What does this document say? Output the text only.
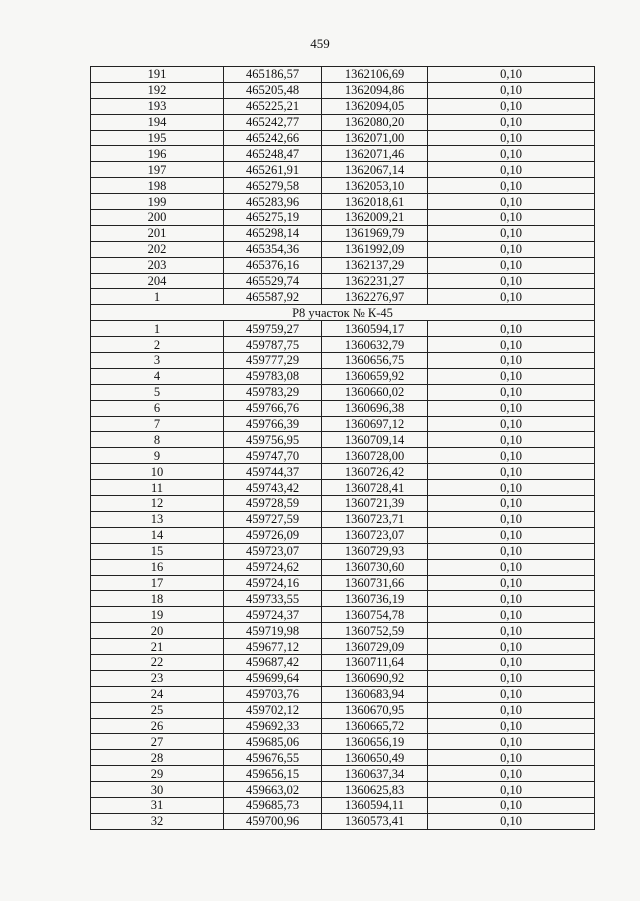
459
191	465186,57	1362106,69	0,10
192	465205,48	1362094,86	0,10
193	465225,21	1362094,05	0,10
194	465242,77	1362080,20	0,10
195	465242,66	1362071,00	0,10
196	465248,47	1362071,46	0,10
197	465261,91	1362067,14	0,10
198	465279,58	1362053,10	0,10
199	465283,96	1362018,61	0,10
200	465275,19	1362009,21	0,10
201	465298,14	1361969,79	0,10
202	465354,36	1361992,09	0,10
203	465376,16	1362137,29	0,10
204	465529,74	1362231,27	0,10
1	465587,92	1362276,97	0,10
Р8 участок № К-45			
1	459759,27	1360594,17	0,10
2	459787,75	1360632,79	0,10
3	459777,29	1360656,75	0,10
4	459783,08	1360659,92	0,10
5	459783,29	1360660,02	0,10
6	459766,76	1360696,38	0,10
7	459766,39	1360697,12	0,10
8	459756,95	1360709,14	0,10
9	459747,70	1360728,00	0,10
10	459744,37	1360726,42	0,10
11	459743,42	1360728,41	0,10
12	459728,59	1360721,39	0,10
13	459727,59	1360723,71	0,10
14	459726,09	1360723,07	0,10
15	459723,07	1360729,93	0,10
16	459724,62	1360730,60	0,10
17	459724,16	1360731,66	0,10
18	459733,55	1360736,19	0,10
19	459724,37	1360754,78	0,10
20	459719,98	1360752,59	0,10
21	459677,12	1360729,09	0,10
22	459687,42	1360711,64	0,10
23	459699,64	1360690,92	0,10
24	459703,76	1360683,94	0,10
25	459702,12	1360670,95	0,10
26	459692,33	1360665,72	0,10
27	459685,06	1360656,19	0,10
28	459676,55	1360650,49	0,10
29	459656,15	1360637,34	0,10
30	459663,02	1360625,83	0,10
31	459685,73	1360594,11	0,10
32	459700,96	1360573,41	0,10
